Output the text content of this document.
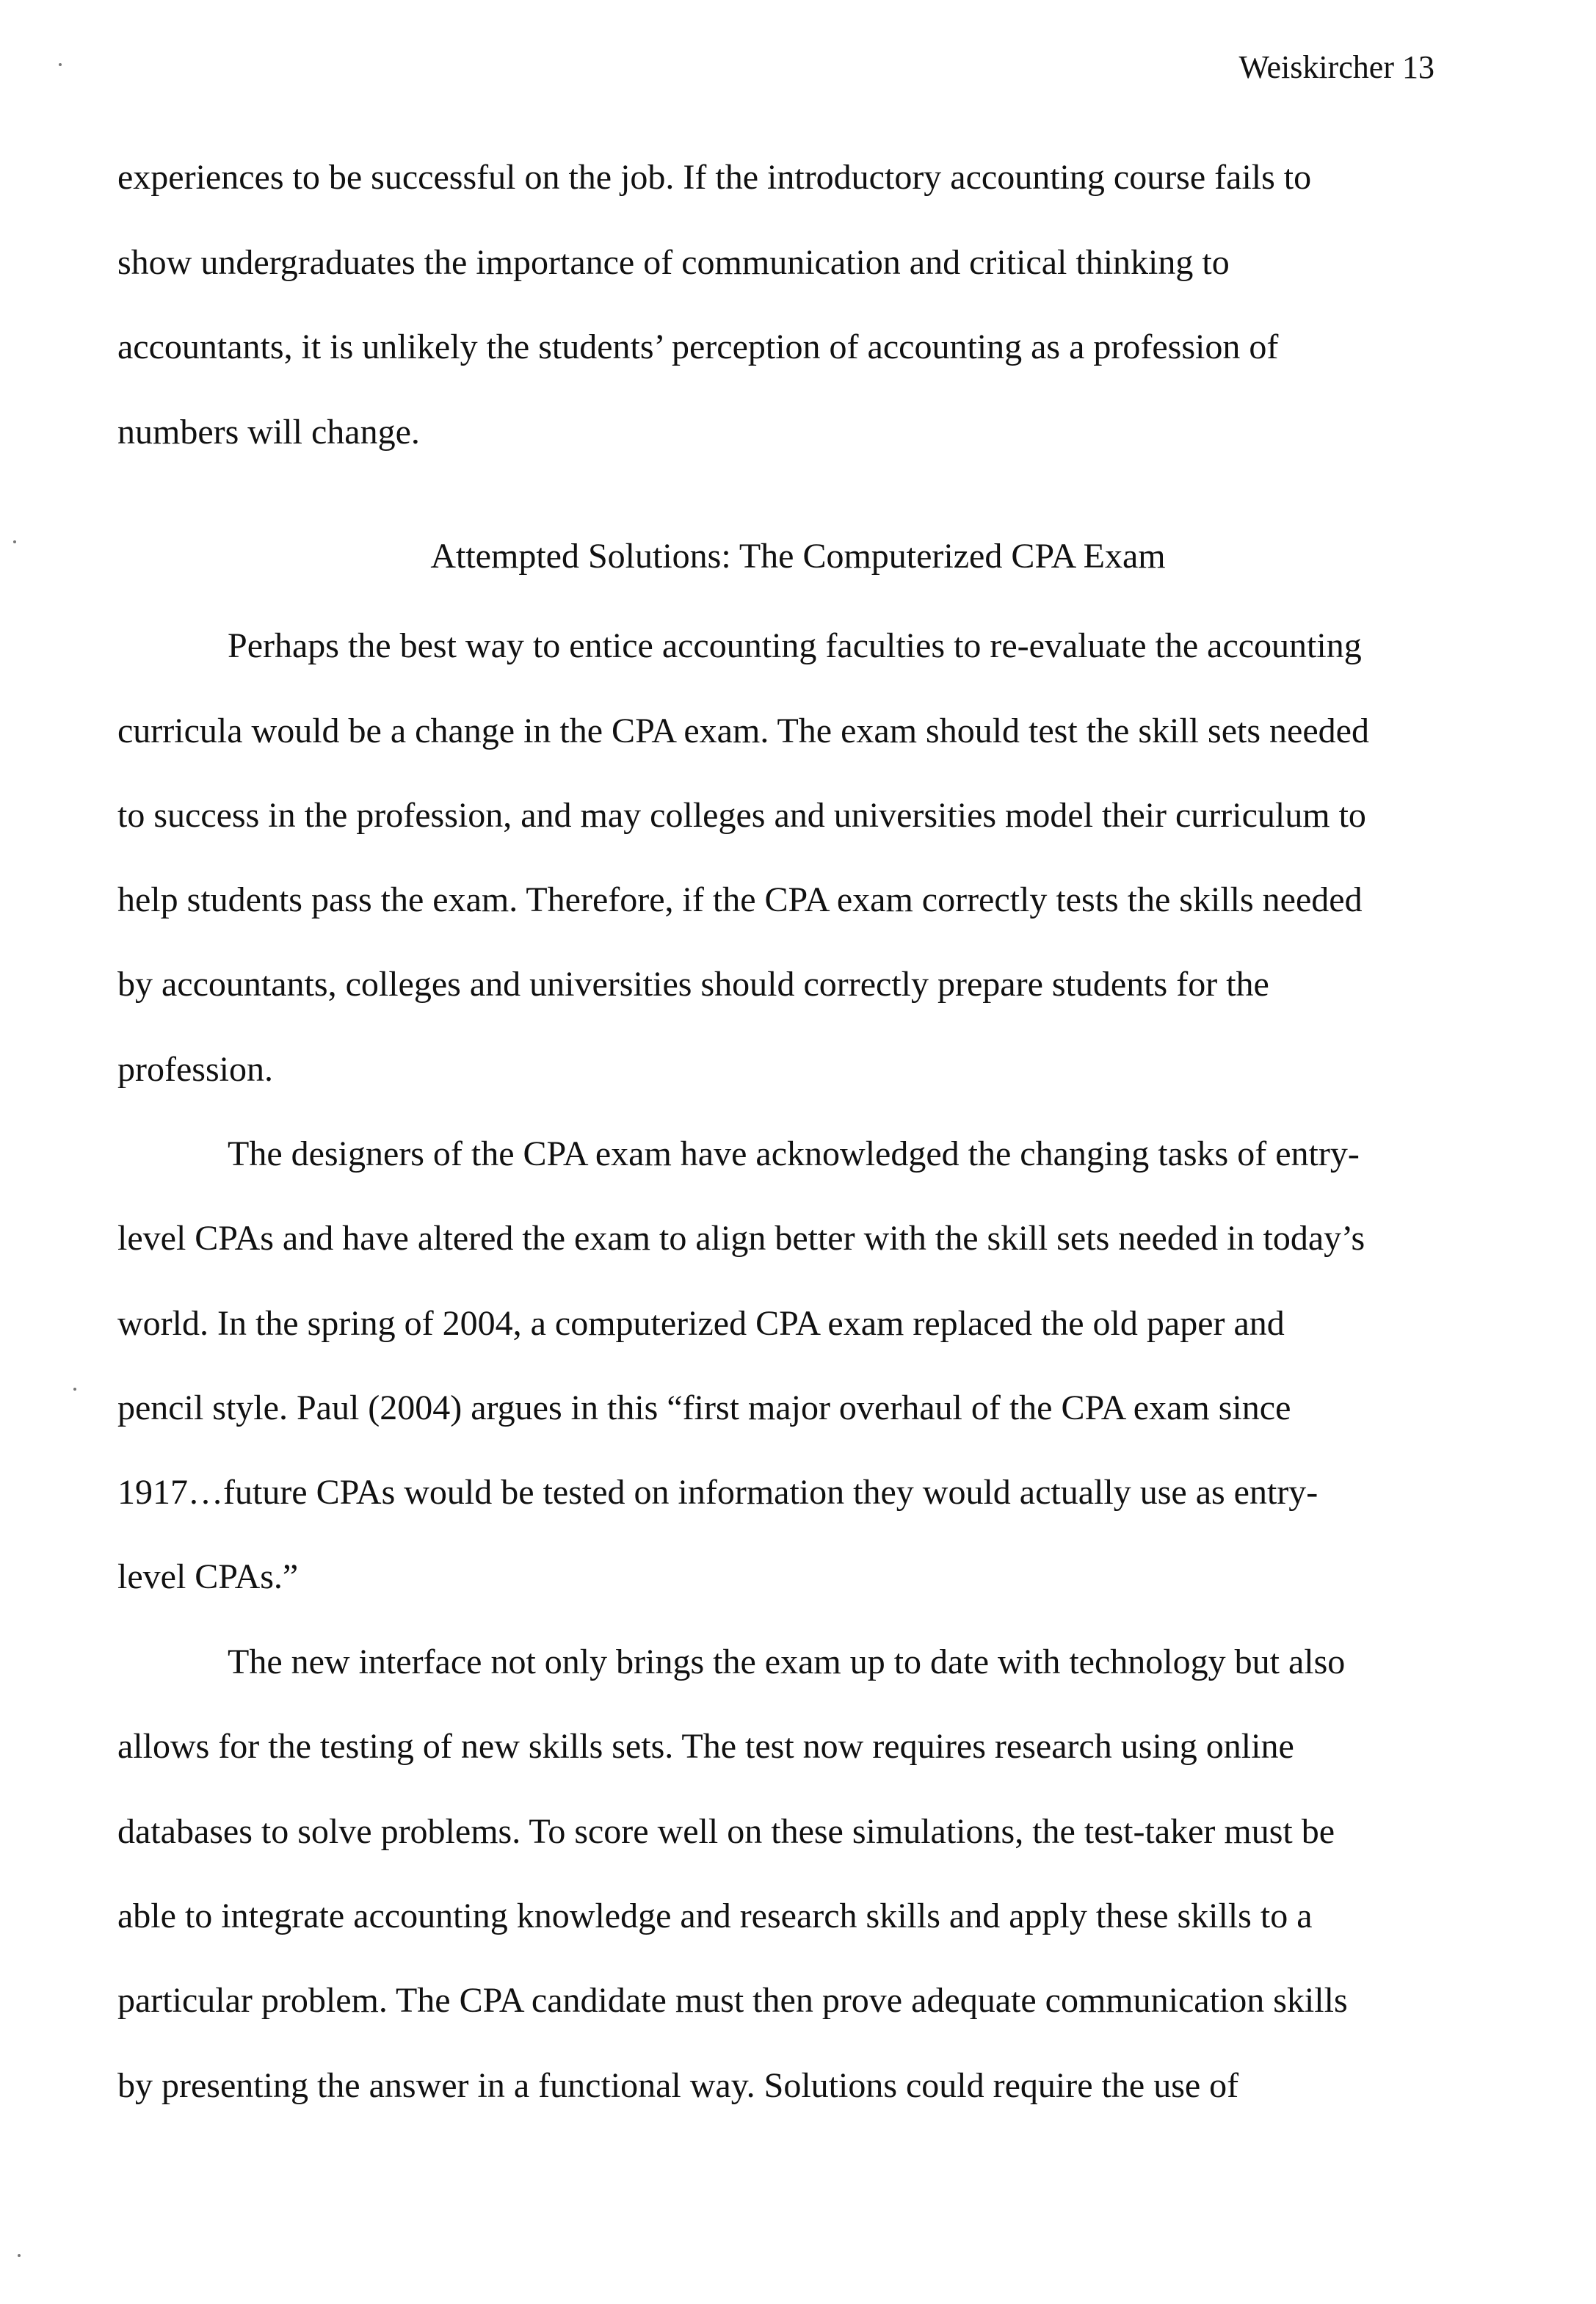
Weiskircher 13
experiences to be successful on the job. If the introductory accounting course fails to
show undergraduates the importance of communication and critical thinking to
accountants, it is unlikely the students’ perception of accounting as a profession of
numbers will change.
Attempted Solutions: The Computerized CPA Exam
Perhaps the best way to entice accounting faculties to re-evaluate the accounting
curricula would be a change in the CPA exam. The exam should test the skill sets needed
to success in the profession, and may colleges and universities model their curriculum to
help students pass the exam. Therefore, if the CPA exam correctly tests the skills needed
by accountants, colleges and universities should correctly prepare students for the
profession.
The designers of the CPA exam have acknowledged the changing tasks of entry-
level CPAs and have altered the exam to align better with the skill sets needed in today’s
world. In the spring of 2004, a computerized CPA exam replaced the old paper and
pencil style. Paul (2004) argues in this “first major overhaul of the CPA exam since
1917…future CPAs would be tested on information they would actually use as entry-
level CPAs.”
The new interface not only brings the exam up to date with technology but also
allows for the testing of new skills sets. The test now requires research using online
databases to solve problems. To score well on these simulations, the test-taker must be
able to integrate accounting knowledge and research skills and apply these skills to a
particular problem. The CPA candidate must then prove adequate communication skills
by presenting the answer in a functional way. Solutions could require the use of
